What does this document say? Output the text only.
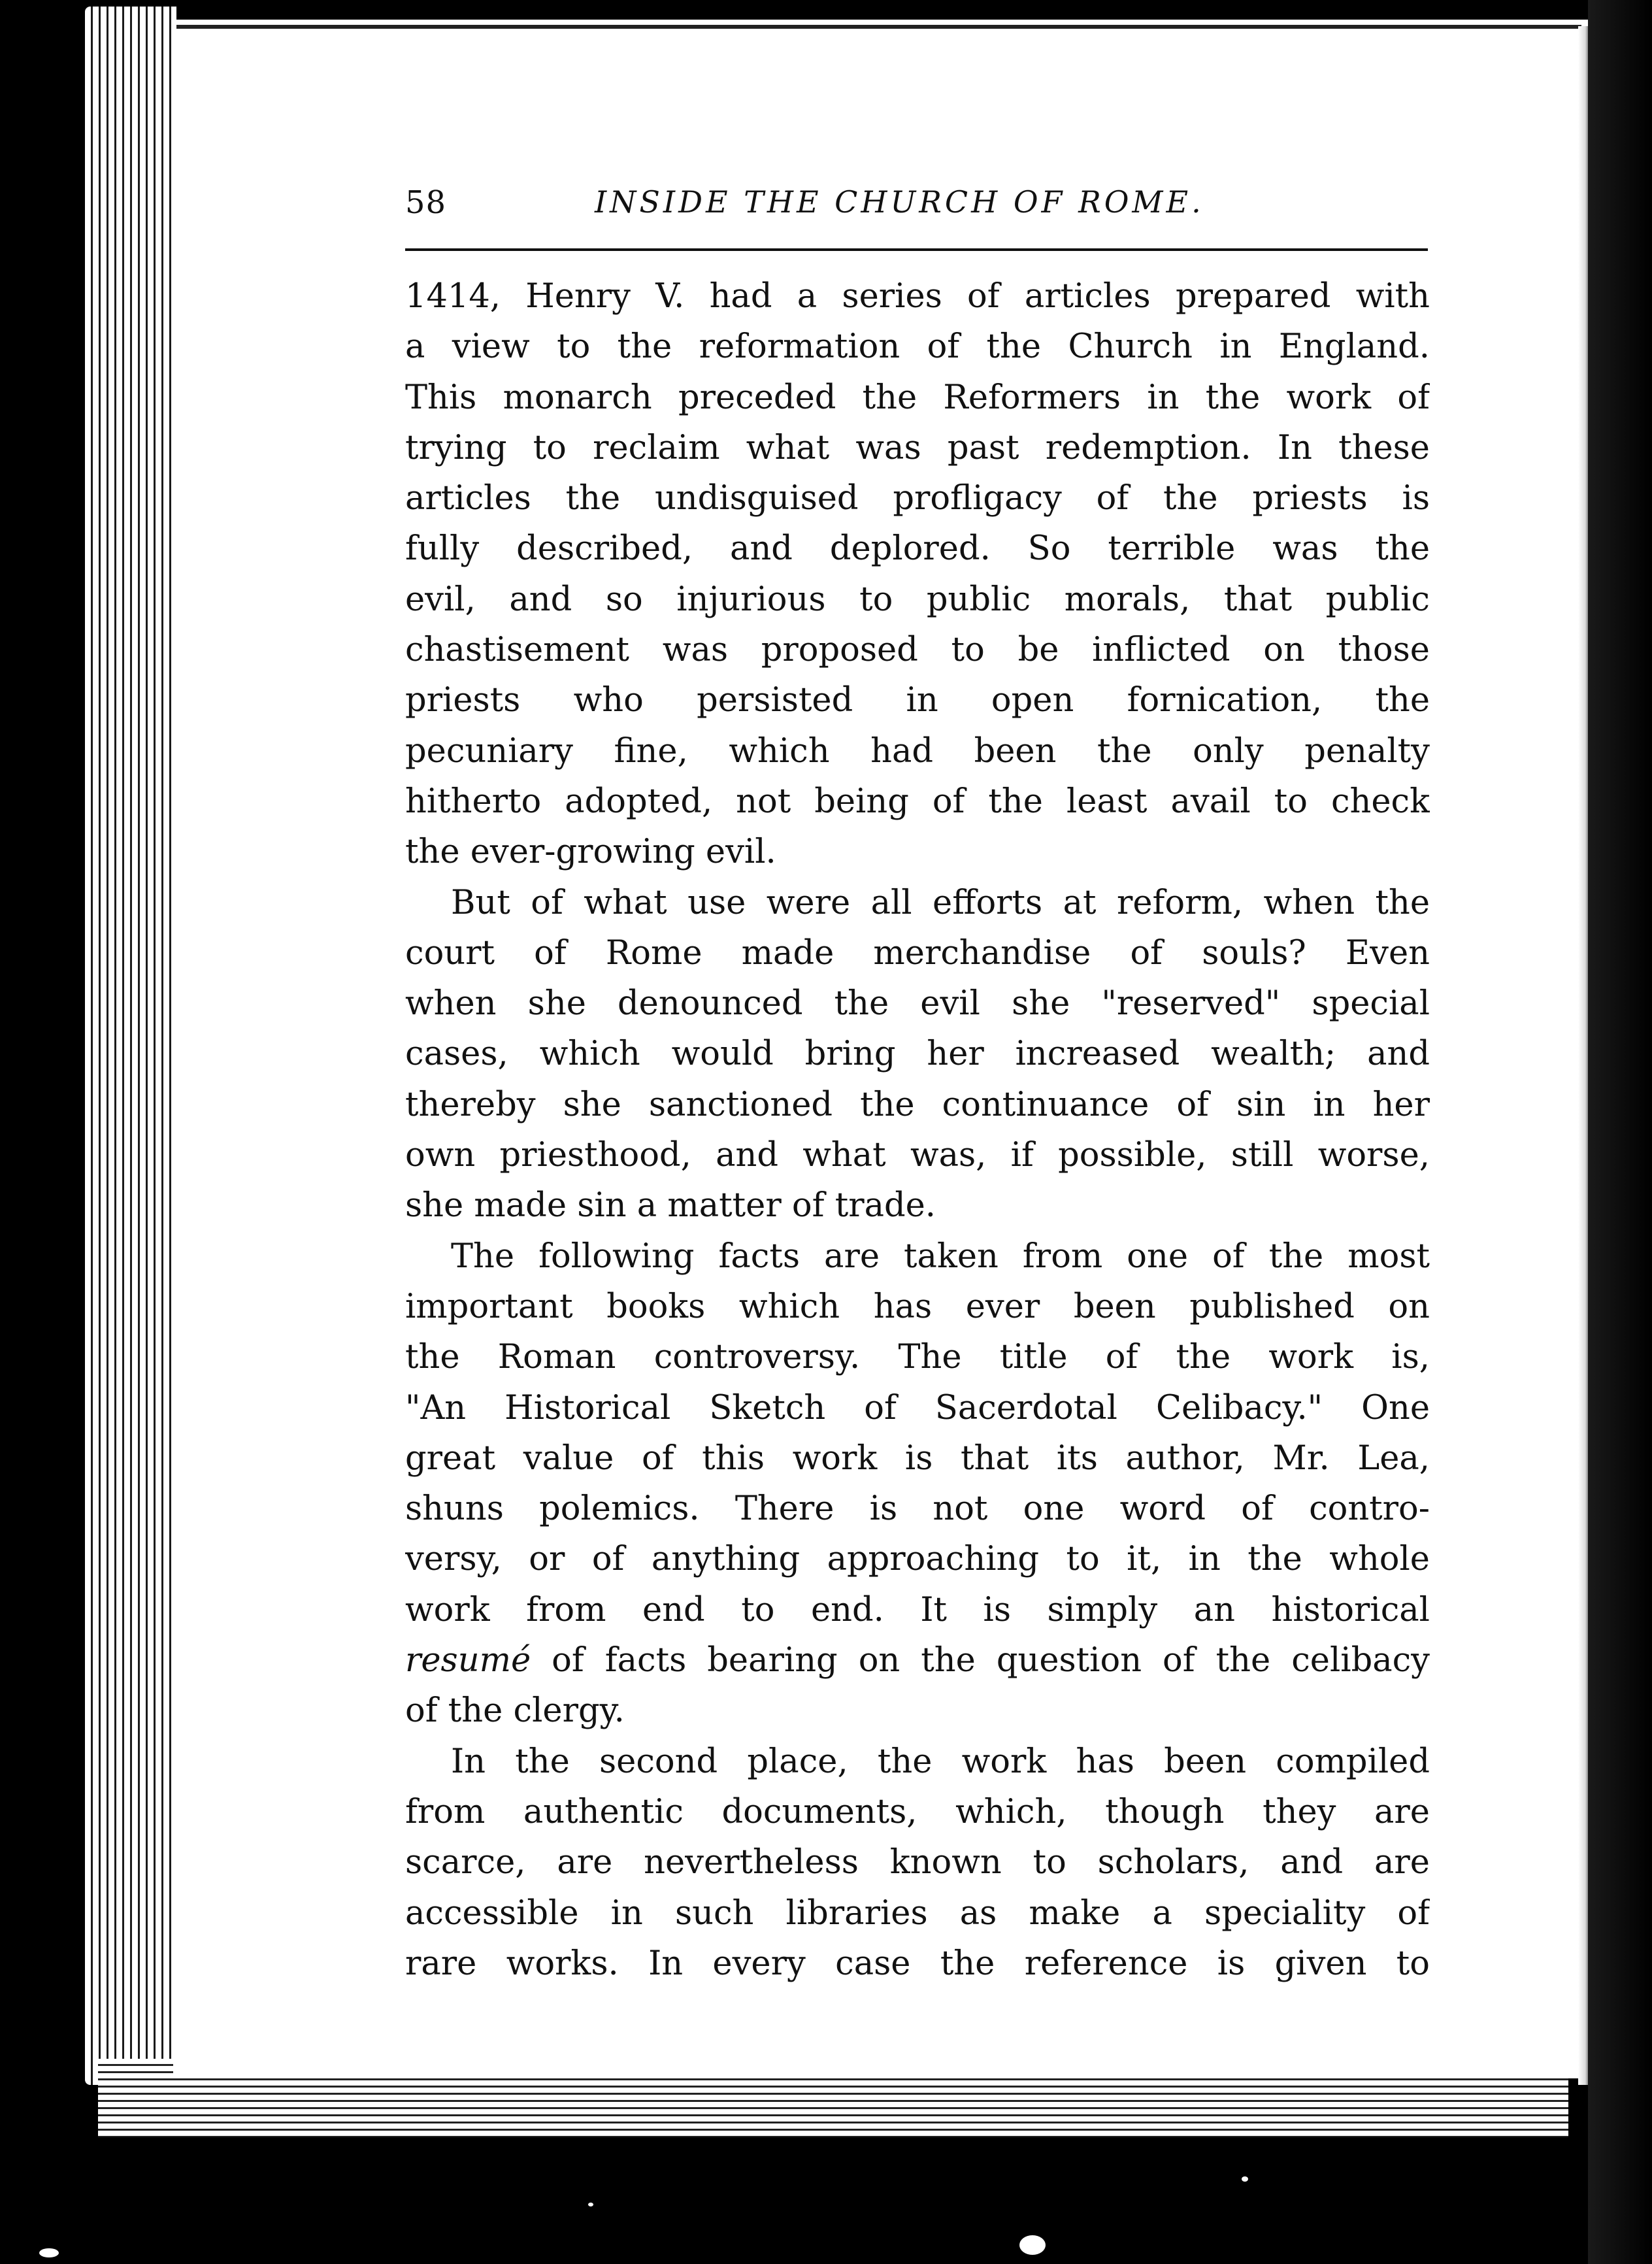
58	INSIDE THE CHURCH OF ROME.
1414, Henry V. had a series of articles prepared with
a view to the reformation of the Church in England.
This monarch preceded the Reformers in the work of
trying to reclaim what was past redemption. In these
articles the undisguised profligacy of the priests is
fully described, and deplored. So terrible was the
evil, and so injurious to public morals, that public
chastisement was proposed to be inflicted on those
priests who persisted in open fornication, the
pecuniary fine, which had been the only penalty
hitherto adopted, not being of the least avail to check
the ever-growing evil.
But of what use were all efforts at reform, when the
court of Rome made merchandise of souls? Even
when she denounced the evil she "reserved" special
cases, which would bring her increased wealth; and
thereby she sanctioned the continuance of sin in her
own priesthood, and what was, if possible, still worse,
she made sin a matter of trade.
The following facts are taken from one of the most
important books which has ever been published on
the Roman controversy. The title of the work is,
"An Historical Sketch of Sacerdotal Celibacy." One
great value of this work is that its author, Mr. Lea,
shuns polemics. There is not one word of contro-
versy, or of anything approaching to it, in the whole
work from end to end. It is simply an historical
resumé of facts bearing on the question of the celibacy
of the clergy.
In the second place, the work has been compiled
from authentic documents, which, though they are
scarce, are nevertheless known to scholars, and are
accessible in such libraries as make a speciality of
rare works. In every case the reference is given to
